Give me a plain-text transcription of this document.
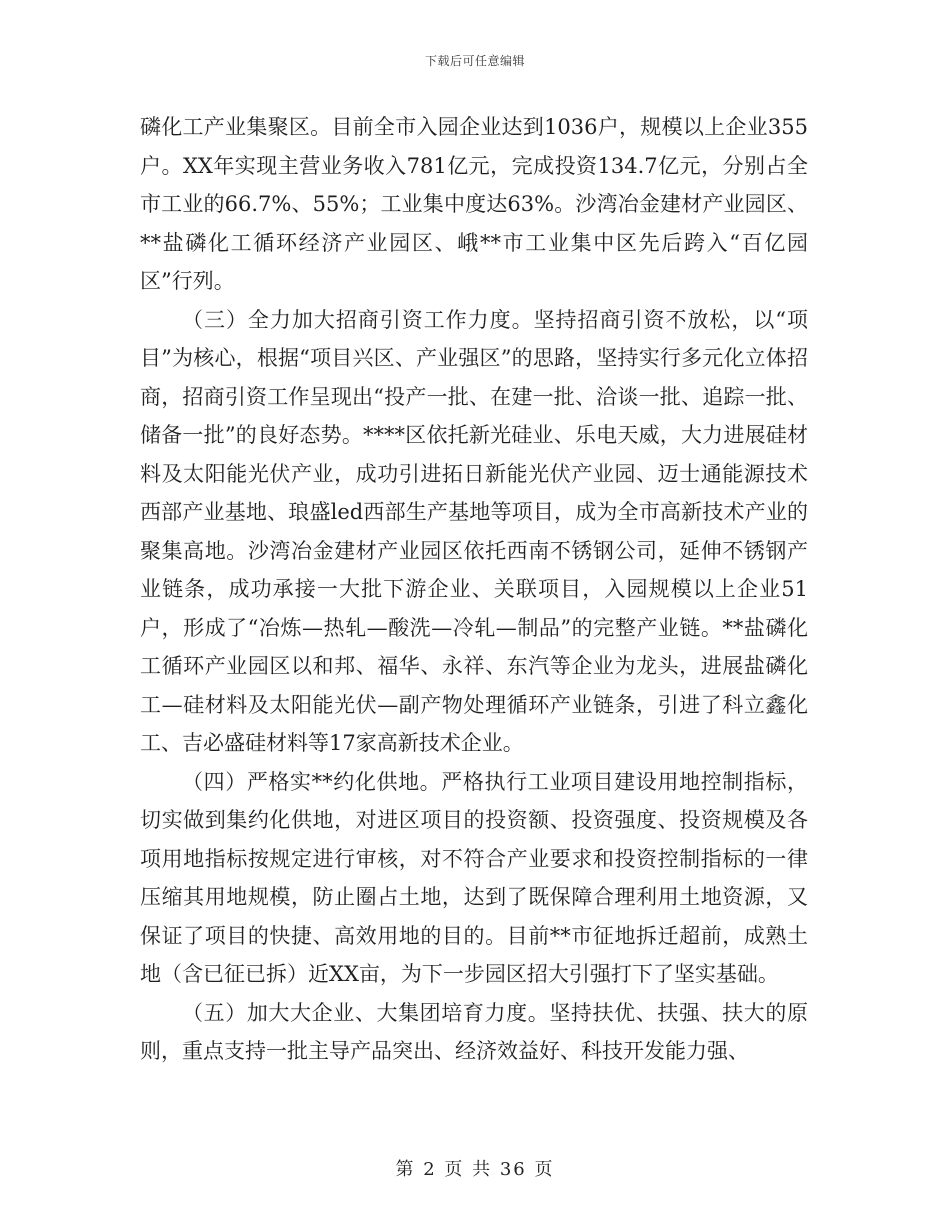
下载后可任意编辑

磷化工产业集聚区。目前全市入园企业达到1036户，规模以上企业355户。XX年实现主营业务收入781亿元，完成投资134.7亿元，分别占全市工业的66.7%、55%；工业集中度达63%。沙湾冶金建材产业园区、**盐磷化工循环经济产业园区、峨**市工业集中区先后跨入“百亿园区”行列。

（三）全力加大招商引资工作力度。坚持招商引资不放松，以“项目”为核心，根据“项目兴区、产业强区”的思路，坚持实行多元化立体招商，招商引资工作呈现出“投产一批、在建一批、洽谈一批、追踪一批、储备一批”的良好态势。****区依托新光硅业、乐电天威，大力进展硅材料及太阳能光伏产业，成功引进拓日新能光伏产业园、迈士通能源技术西部产业基地、琅盛led西部生产基地等项目，成为全市高新技术产业的聚集高地。沙湾冶金建材产业园区依托西南不锈钢公司，延伸不锈钢产业链条，成功承接一大批下游企业、关联项目，入园规模以上企业51户，形成了“冶炼—热轧—酸洗—冷轧—制品”的完整产业链。**盐磷化工循环产业园区以和邦、福华、永祥、东汽等企业为龙头，进展盐磷化工—硅材料及太阳能光伏—副产物处理循环产业链条，引进了科立鑫化工、吉必盛硅材料等17家高新技术企业。

（四）严格实**约化供地。严格执行工业项目建设用地控制指标，切实做到集约化供地，对进区项目的投资额、投资强度、投资规模及各项用地指标按规定进行审核，对不符合产业要求和投资控制指标的一律压缩其用地规模，防止圈占土地，达到了既保障合理利用土地资源，又保证了项目的快捷、高效用地的目的。目前**市征地拆迁超前，成熟土地（含已征已拆）近XX亩，为下一步园区招大引强打下了坚实基础。

（五）加大大企业、大集团培育力度。坚持扶优、扶强、扶大的原则，重点支持一批主导产品突出、经济效益好、科技开发能力强、

第 2 页 共 36 页
